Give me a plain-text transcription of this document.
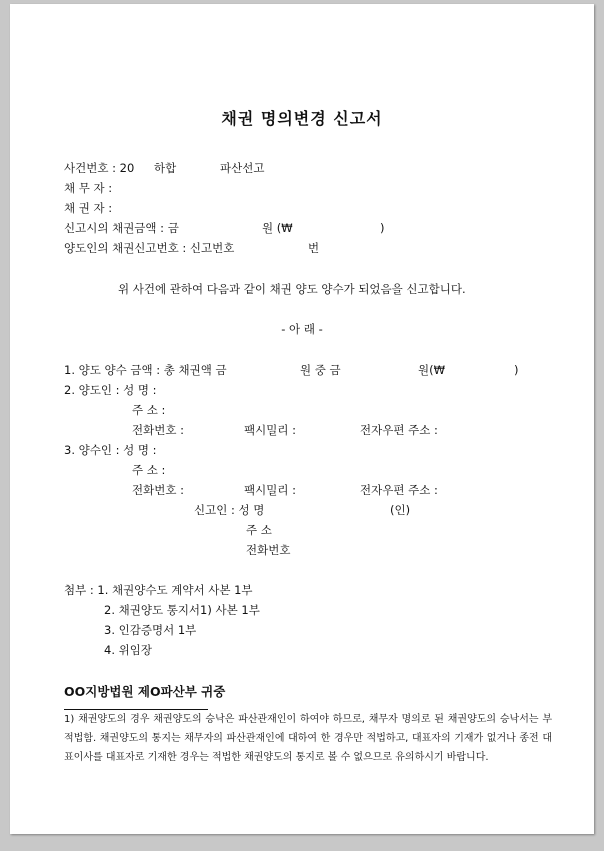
채권 명의변경 신고서
사건번호 : 20 하합	파산선고
채 무 자 :
채 권 자 :
신고시의 채권금액 : 금	원 (₩	)
양도인의 채권신고번호 : 신고번호	번
위 사건에 관하여 다음과 같이 채권 양도 양수가 되었음을 신고합니다.
- 아 래 -
1. 양도 양수 금액 : 총 채권액 금	원 중 금	원(₩	)
2. 양도인 : 성 명 :
주 소 :
전화번호 :	팩시밀리 :	전자우편 주소 :
3. 양수인 : 성 명 :
주 소 :
전화번호 :	팩시밀리 :	전자우편 주소 :
신고인 : 성 명	(인)
주 소
전화번호
첨부 : 1. 채권양수도 계약서 사본 1부
2. 채권양도 통지서1) 사본 1부
3. 인감증명서 1부
4. 위임장
OO지방법원 제O파산부 귀중
1) 채권양도의 경우 채권양도의 승낙은 파산관재인이 하여야 하므로, 채무자 명의로 된 채권양도의 승낙서는 부적법함. 채권양도의 통지는 채무자의 파산관재인에 대하여 한 경우만 적법하고, 대표자의 기재가 없거나 종전 대표이사를 대표자로 기재한 경우는 적법한 채권양도의 통지로 볼 수 없으므로 유의하시기 바랍니다.
